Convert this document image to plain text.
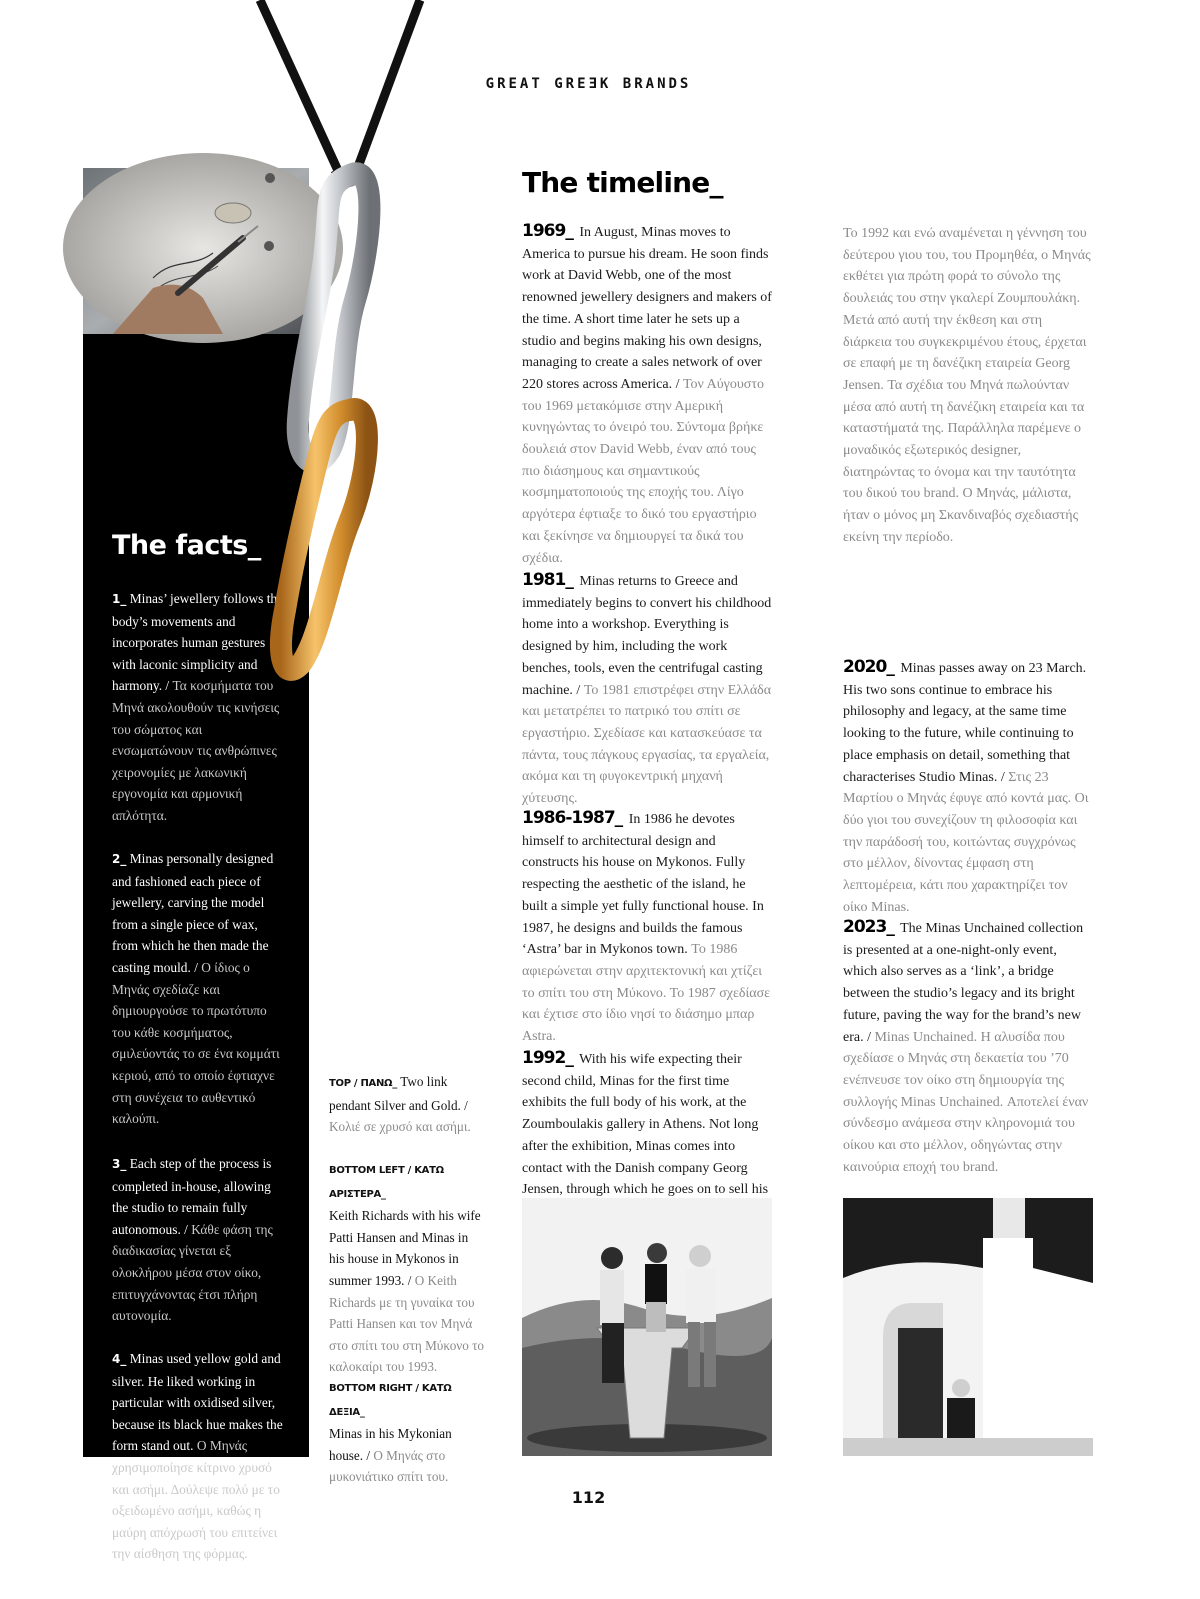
GREAT GREƎK BRANDS
The facts_
1_ Minas’ jewellery follows the body’s movements and incorporates human gestures with laconic simplicity and harmony. / Τα κοσμήματα του Μηνά ακολουθούν τις κινήσεις του σώματος και ενσωματώνουν τις ανθρώπινες χειρονομίες με λακωνική εργονομία και αρμονική απλότητα.
2_ Minas personally designed and fashioned each piece of jewellery, carving the model from a single piece of wax, from which he then made the casting mould. / Ο ίδιος ο Μηνάς σχεδίαζε και δημιουργούσε το πρωτότυπο του κάθε κοσμήματος, σμιλεύοντάς το σε ένα κομμάτι κεριού, από το οποίο έφτιαχνε στη συνέχεια το αυθεντικό καλούπι.
3_ Each step of the process is completed in-house, allowing the studio to remain fully autonomous. / Κάθε φάση της διαδικασίας γίνεται εξ ολοκλήρου μέσα στον οίκο, επιτυγχάνοντας έτσι πλήρη αυτονομία.
4_ Minas used yellow gold and silver. He liked working in particular with oxidised silver, because its black hue makes the form stand out. Ο Μηνάς χρησιμοποίησε κίτρινο χρυσό και ασήμι. Δούλεψε πολύ με το οξειδωμένο ασήμι, καθώς η μαύρη απόχρωσή του επιτείνει την αίσθηση της φόρμας.
TOP / ΠΑΝΩ_ Two link pendant Silver and Gold. / Κολιέ σε χρυσό και ασήμι.
BOTTOM LEFT / ΚΑΤΩ ΑΡΙΣΤΕΡΑ_
Keith Richards with his wife Patti Hansen and Minas in his house in Mykonos in summer 1993. / Ο Keith Richards με τη γυναίκα του Patti Hansen και τον Μηνά στο σπίτι του στη Μύκονο το καλοκαίρι του 1993.
BOTTOM RIGHT / ΚΑΤΩ ΔΕΞΙΑ_
Minas in his Mykonian house. / Ο Μηνάς στο μυκονιάτικο σπίτι του.
The timeline_
1969_ In August, Minas moves to America to pursue his dream. He soon finds work at David Webb, one of the most renowned jewellery designers and makers of the time. A short time later he sets up a studio and begins making his own designs, managing to create a sales network of over 220 stores across America. / Τον Αύγουστο του 1969 μετακόμισε στην Αμερική κυνηγώντας το όνειρό του. Σύντομα βρήκε δουλειά στον David Webb, έναν από τους πιο διάσημους και σημαντικούς κοσμηματοποιούς της εποχής του. Λίγο αργότερα έφτιαξε το δικό του εργαστήριο και ξεκίνησε να δημιουργεί τα δικά του σχέδια.
1981_ Minas returns to Greece and immediately begins to convert his childhood home into a workshop. Everything is designed by him, including the work benches, tools, even the centrifugal casting machine. / Το 1981 επιστρέφει στην Ελλάδα και μετατρέπει το πατρικό του σπίτι σε εργαστήριο. Σχεδίασε και κατασκεύασε τα πάντα, τους πάγκους εργασίας, τα εργαλεία, ακόμα και τη φυγοκεντρική μηχανή χύτευσης.
1986-1987_ In 1986 he devotes himself to architectural design and constructs his house on Mykonos. Fully respecting the aesthetic of the island, he built a simple yet fully functional house. In 1987, he designs and builds the famous ‘Astra’ bar in Mykonos town. Το 1986 αφιερώνεται στην αρχιτεκτονική και χτίζει το σπίτι του στη Μύκονο. Το 1987 σχεδίασε και έχτισε στο ίδιο νησί το διάσημο μπαρ Astra.
1992_ With his wife expecting their second child, Minas for the first time exhibits the full body of his work, at the Zoumboulakis gallery in Athens. Not long after the exhibition, Minas comes into contact with the Danish company Georg Jensen, through which he goes on to sell his
Το 1992 και ενώ αναμένεται η γέννηση του δεύτερου γιου του, του Προμηθέα, ο Μηνάς εκθέτει για πρώτη φορά το σύνολο της δουλειάς του στην γκαλερί Ζουμπουλάκη. Μετά από αυτή την έκθεση και στη διάρκεια του συγκεκριμένου έτους, έρχεται σε επαφή με τη δανέζικη εταιρεία Georg Jensen. Τα σχέδια του Μηνά πωλούνταν μέσα από αυτή τη δανέζικη εταιρεία και τα καταστήματά της. Παράλληλα παρέμενε ο μοναδικός εξωτερικός designer, διατηρώντας το όνομα και την ταυτότητα του δικού του brand. Ο Μηνάς, μάλιστα, ήταν ο μόνος μη Σκανδιναβός σχεδιαστής εκείνη την περίοδο.
2020_ Minas passes away on 23 March. His two sons continue to embrace his philosophy and legacy, at the same time looking to the future, while continuing to place emphasis on detail, something that characterises Studio Minas. / Στις 23 Μαρτίου ο Μηνάς έφυγε από κοντά μας. Οι δύο γιοι του συνεχίζουν τη φιλοσοφία και την παράδοσή του, κοιτώντας συγχρόνως στο μέλλον, δίνοντας έμφαση στη λεπτομέρεια, κάτι που χαρακτηρίζει τον οίκο Minas.
2023_ The Minas Unchained collection is presented at a one-night-only event, which also serves as a ‘link’, a bridge between the studio’s legacy and its bright future, paving the way for the brand’s new era. / Minas Unchained. Η αλυσίδα που σχεδίασε ο Μηνάς στη δεκαετία του ’70 ενέπνευσε τον οίκο στη δημιουργία της συλλογής Minas Unchained. Αποτελεί έναν σύνδεσμο ανάμεσα στην κληρονομιά του οίκου και στο μέλλον, οδηγώντας στην καινούρια εποχή του brand.
112
